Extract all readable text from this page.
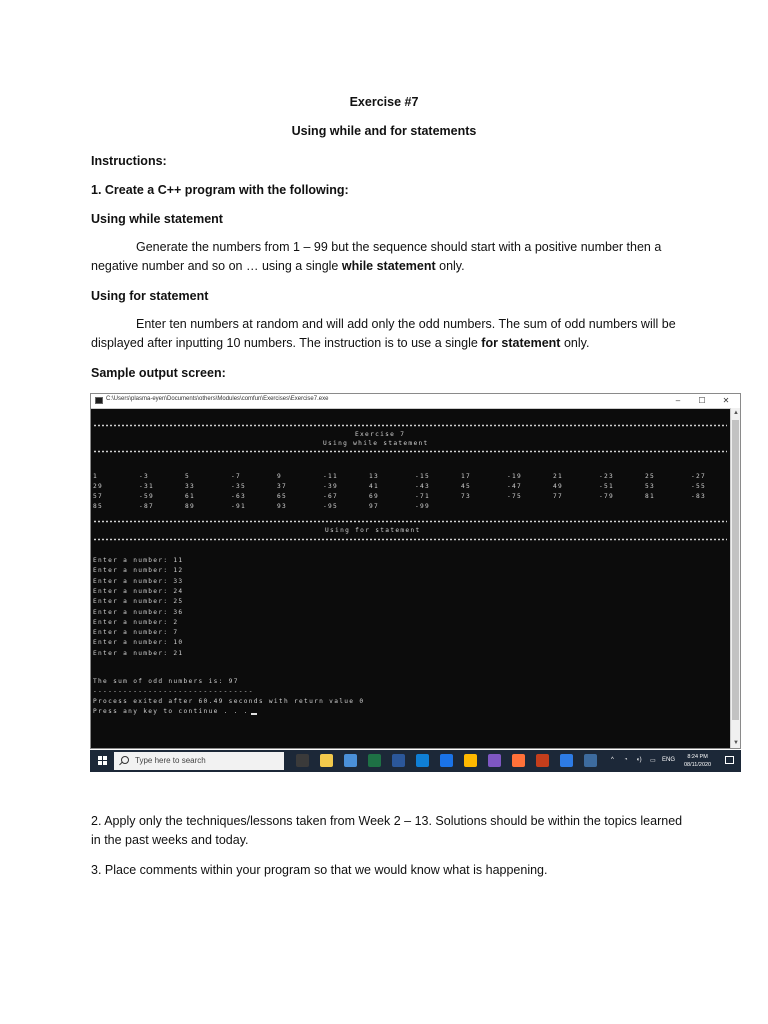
Exercise #7
Using while and for statements
Instructions:
1. Create a C++ program with the following:
Using while statement
Generate the numbers from 1 – 99 but the sequence should start with a positive number then a negative number and so on … using a single while statement only.
Using for statement
Enter ten numbers at random and will add only the odd numbers. The sum of odd numbers will be displayed after inputting 10 numbers. The instruction is to use a single for statement only.
Sample output screen:
C:\Users\plasma-eyen\Documents\others\Modules\comfun\Exercises\Exercise7.exe	–	☐	✕
Exercise 7
Using while statement
1	-3	5	-7	9	-11	13	-15	17	-19	21	-23	25	-27
29	-31	33	-35	37	-39	41	-43	45	-47	49	-51	53	-55
57	-59	61	-63	65	-67	69	-71	73	-75	77	-79	81	-83
85	-87	89	-91	93	-95	97	-99
Using for statement
Enter a number: 11
Enter a number: 12
Enter a number: 33
Enter a number: 24
Enter a number: 25
Enter a number: 36
Enter a number: 2
Enter a number: 7
Enter a number: 10
Enter a number: 21
The sum of odd numbers is: 97
--------------------------------
Process exited after 60.49 seconds with return value 0
Press any key to continue . . .
▲
▼
Type here to search	^ ◔ ◖) ▭ ENG	8:24 PM
08/11/2020
2. Apply only the techniques/lessons taken from Week 2 – 13. Solutions should be within the topics learned in the past weeks and today.
3. Place comments within your program so that we would know what is happening.
